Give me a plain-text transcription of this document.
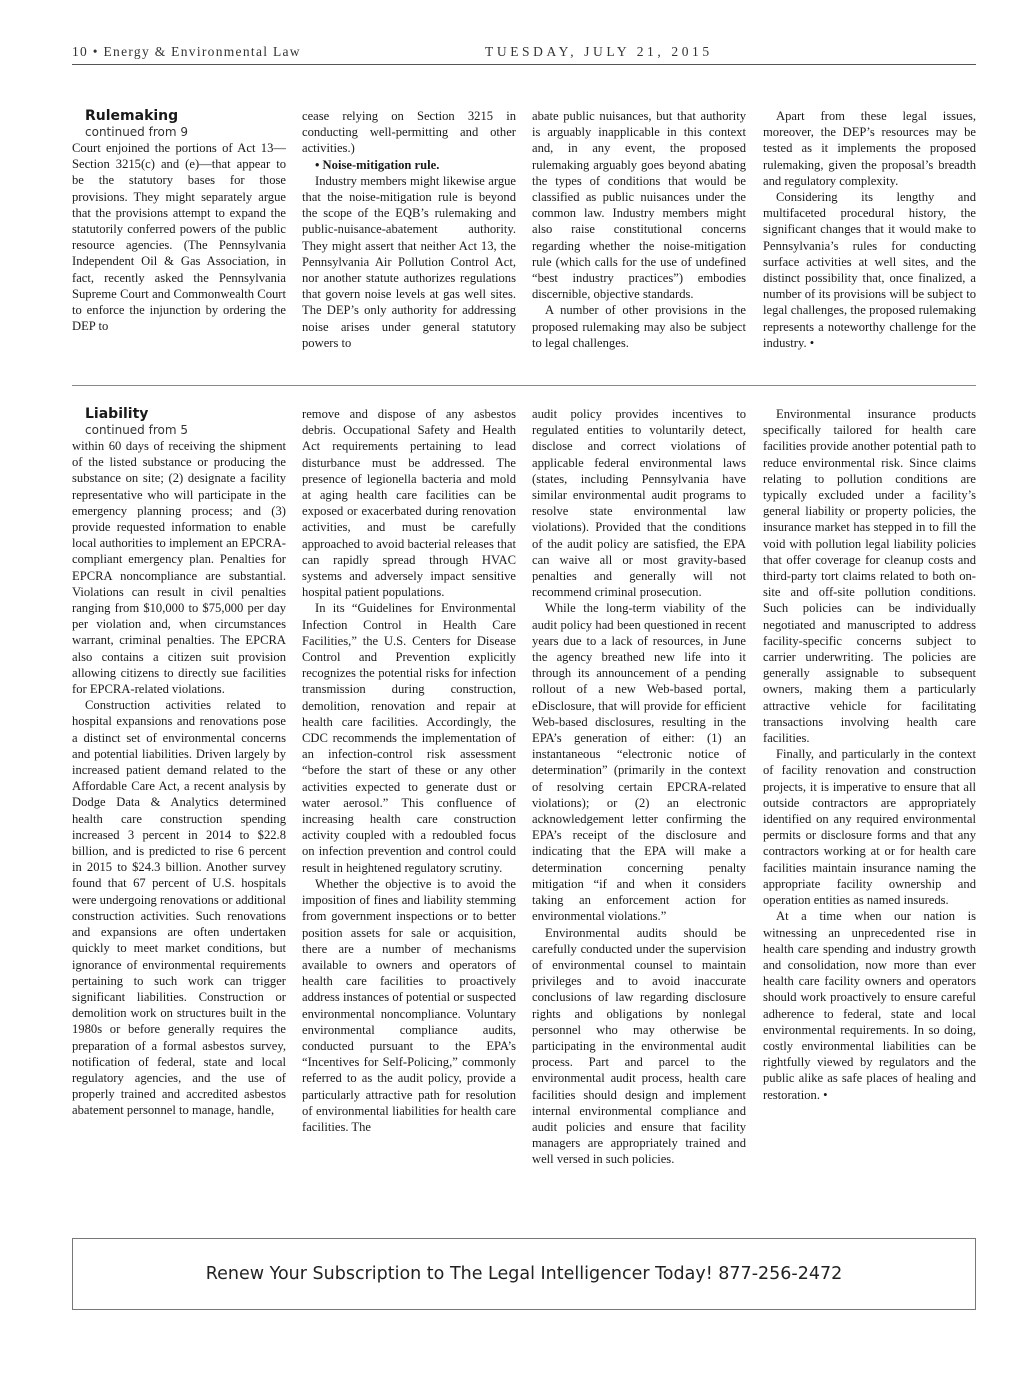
10 • Energy & Environmental Law	TUESDAY, JULY 21, 2015

Rulemaking

continued from 9

Court enjoined the portions of Act 13—Section 3215(c) and (e)—that appear to be the statutory bases for those provisions. They might separately argue that the provisions attempt to expand the statutorily conferred powers of the public resource agencies. (The Pennsylvania Independent Oil & Gas Association, in fact, recently asked the Pennsylvania Supreme Court and Commonwealth Court to enforce the injunction by ordering the DEP to

cease relying on Section 3215 in conducting well-permitting and other activities.)

• Noise-mitigation rule.

Industry members might likewise argue that the noise-mitigation rule is beyond the scope of the EQB’s rulemaking and public-nuisance-abatement authority. They might assert that neither Act 13, the Pennsylvania Air Pollution Control Act, nor another statute authorizes regulations that govern noise levels at gas well sites. The DEP’s only authority for addressing noise arises under general statutory powers to

abate public nuisances, but that authority is arguably inapplicable in this context and, in any event, the proposed rulemaking arguably goes beyond abating the types of conditions that would be classified as public nuisances under the common law. Industry members might also raise constitutional concerns regarding whether the noise-mitigation rule (which calls for the use of undefined “best industry practices”) embodies discernible, objective standards.

A number of other provisions in the proposed rulemaking may also be subject to legal challenges.

Apart from these legal issues, moreover, the DEP’s resources may be tested as it implements the proposed rulemaking, given the proposal’s breadth and regulatory complexity.

Considering its lengthy and multifaceted procedural history, the significant changes that it would make to Pennsylvania’s rules for conducting surface activities at well sites, and the distinct possibility that, once finalized, a number of its provisions will be subject to legal challenges, the proposed rulemaking represents a noteworthy challenge for the industry. •

Liability

continued from 5

within 60 days of receiving the shipment of the listed substance or producing the substance on site; (2) designate a facility representative who will participate in the emergency planning process; and (3) provide requested information to enable local authorities to implement an EPCRA-compliant emergency plan. Penalties for EPCRA noncompliance are substantial. Violations can result in civil penalties ranging from $10,000 to $75,000 per day per violation and, when circumstances warrant, criminal penalties. The EPCRA also contains a citizen suit provision allowing citizens to directly sue facilities for EPCRA-related violations.

Construction activities related to hospital expansions and renovations pose a distinct set of environmental concerns and potential liabilities. Driven largely by increased patient demand related to the Affordable Care Act, a recent analysis by Dodge Data & Analytics determined health care construction spending increased 3 percent in 2014 to $22.8 billion, and is predicted to rise 6 percent in 2015 to $24.3 billion. Another survey found that 67 percent of U.S. hospitals were undergoing renovations or additional construction activities. Such renovations and expansions are often undertaken quickly to meet market conditions, but ignorance of environmental requirements pertaining to such work can trigger significant liabilities. Construction or demolition work on structures built in the 1980s or before generally requires the preparation of a formal asbestos survey, notification of federal, state and local regulatory agencies, and the use of properly trained and accredited asbestos abatement personnel to manage, handle,

remove and dispose of any asbestos debris. Occupational Safety and Health Act requirements pertaining to lead disturbance must be addressed. The presence of legionella bacteria and mold at aging health care facilities can be exposed or exacerbated during renovation activities, and must be carefully approached to avoid bacterial releases that can rapidly spread through HVAC systems and adversely impact sensitive hospital patient populations.

In its “Guidelines for Environmental Infection Control in Health Care Facilities,” the U.S. Centers for Disease Control and Prevention explicitly recognizes the potential risks for infection transmission during construction, demolition, renovation and repair at health care facilities. Accordingly, the CDC recommends the implementation of an infection-control risk assessment “before the start of these or any other activities expected to generate dust or water aerosol.” This confluence of increasing health care construction activity coupled with a redoubled focus on infection prevention and control could result in heightened regulatory scrutiny.

Whether the objective is to avoid the imposition of fines and liability stemming from government inspections or to better position assets for sale or acquisition, there are a number of mechanisms available to owners and operators of health care facilities to proactively address instances of potential or suspected environmental noncompliance. Voluntary environmental compliance audits, conducted pursuant to the EPA’s “Incentives for Self-Policing,” commonly referred to as the audit policy, provide a particularly attractive path for resolution of environmental liabilities for health care facilities. The

audit policy provides incentives to regulated entities to voluntarily detect, disclose and correct violations of applicable federal environmental laws (states, including Pennsylvania have similar environmental audit programs to resolve state environmental law violations). Provided that the conditions of the audit policy are satisfied, the EPA can waive all or most gravity-based penalties and generally will not recommend criminal prosecution.

While the long-term viability of the audit policy had been questioned in recent years due to a lack of resources, in June the agency breathed new life into it through its announcement of a pending rollout of a new Web-based portal, eDisclosure, that will provide for efficient Web-based disclosures, resulting in the EPA’s generation of either: (1) an instantaneous “electronic notice of determination” (primarily in the context of resolving certain EPCRA-related violations); or (2) an electronic acknowledgement letter confirming the EPA’s receipt of the disclosure and indicating that the EPA will make a determination concerning penalty mitigation “if and when it considers taking an enforcement action for environmental violations.”

Environmental audits should be carefully conducted under the supervision of environmental counsel to maintain privileges and to avoid inaccurate conclusions of law regarding disclosure rights and obligations by nonlegal personnel who may otherwise be participating in the environmental audit process. Part and parcel to the environmental audit process, health care facilities should design and implement internal environmental compliance and audit policies and ensure that facility managers are appropriately trained and well versed in such policies.

Environmental insurance products specifically tailored for health care facilities provide another potential path to reduce environmental risk. Since claims relating to pollution conditions are typically excluded under a facility’s general liability or property policies, the insurance market has stepped in to fill the void with pollution legal liability policies that offer coverage for cleanup costs and third-party tort claims related to both on-site and off-site pollution conditions. Such policies can be individually negotiated and manuscripted to address facility-specific concerns subject to carrier underwriting. The policies are generally assignable to subsequent owners, making them a particularly attractive vehicle for facilitating transactions involving health care facilities.

Finally, and particularly in the context of facility renovation and construction projects, it is imperative to ensure that all outside contractors are appropriately identified on any required environmental permits or disclosure forms and that any contractors working at or for health care facilities maintain insurance naming the appropriate facility ownership and operation entities as named insureds.

At a time when our nation is witnessing an unprecedented rise in health care spending and industry growth and consolidation, now more than ever health care facility owners and operators should work proactively to ensure careful adherence to federal, state and local environmental requirements. In so doing, costly environmental liabilities can be rightfully viewed by regulators and the public alike as safe places of healing and restoration. •

Renew Your Subscription to The Legal Intelligencer Today! 877-256-2472
